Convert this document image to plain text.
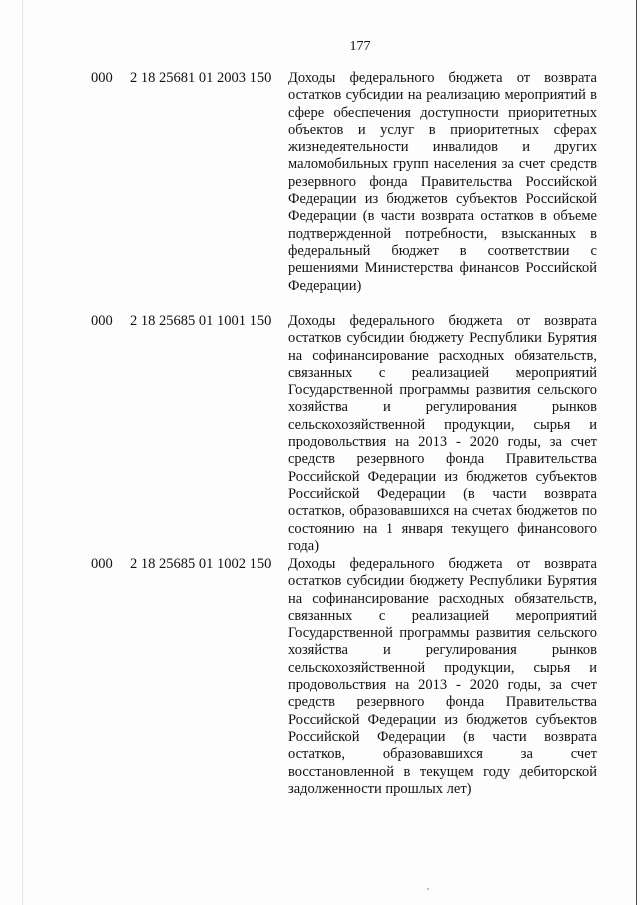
177
000 2 18 25681 01 2003 150 Доходы федерального бюджета от возврата остатков субсидии на реализацию мероприятий в сфере обеспечения доступности приоритетных объектов и услуг в приоритетных сферах жизнедеятельности инвалидов и других маломобильных групп населения за счет средств резервного фонда Правительства Российской Федерации из бюджетов субъектов Российской Федерации (в части возврата остатков в объеме подтвержденной потребности, взысканных в федеральный бюджет в соответствии с решениями Министерства финансов Российской Федерации)
000 2 18 25685 01 1001 150 Доходы федерального бюджета от возврата остатков субсидии бюджету Республики Бурятия на софинансирование расходных обязательств, связанных с реализацией мероприятий Государственной программы развития сельского хозяйства и регулирования рынков сельскохозяйственной продукции, сырья и продовольствия на 2013 - 2020 годы, за счет средств резервного фонда Правительства Российской Федерации из бюджетов субъектов Российской Федерации (в части возврата остатков, образовавшихся на счетах бюджетов по состоянию на 1 января текущего финансового года)
000 2 18 25685 01 1002 150 Доходы федерального бюджета от возврата остатков субсидии бюджету Республики Бурятия на софинансирование расходных обязательств, связанных с реализацией мероприятий Государственной программы развития сельского хозяйства и регулирования рынков сельскохозяйственной продукции, сырья и продовольствия на 2013 - 2020 годы, за счет средств резервного фонда Правительства Российской Федерации из бюджетов субъектов Российской Федерации (в части возврата остатков, образовавшихся за счет восстановленной в текущем году дебиторской задолженности прошлых лет)
